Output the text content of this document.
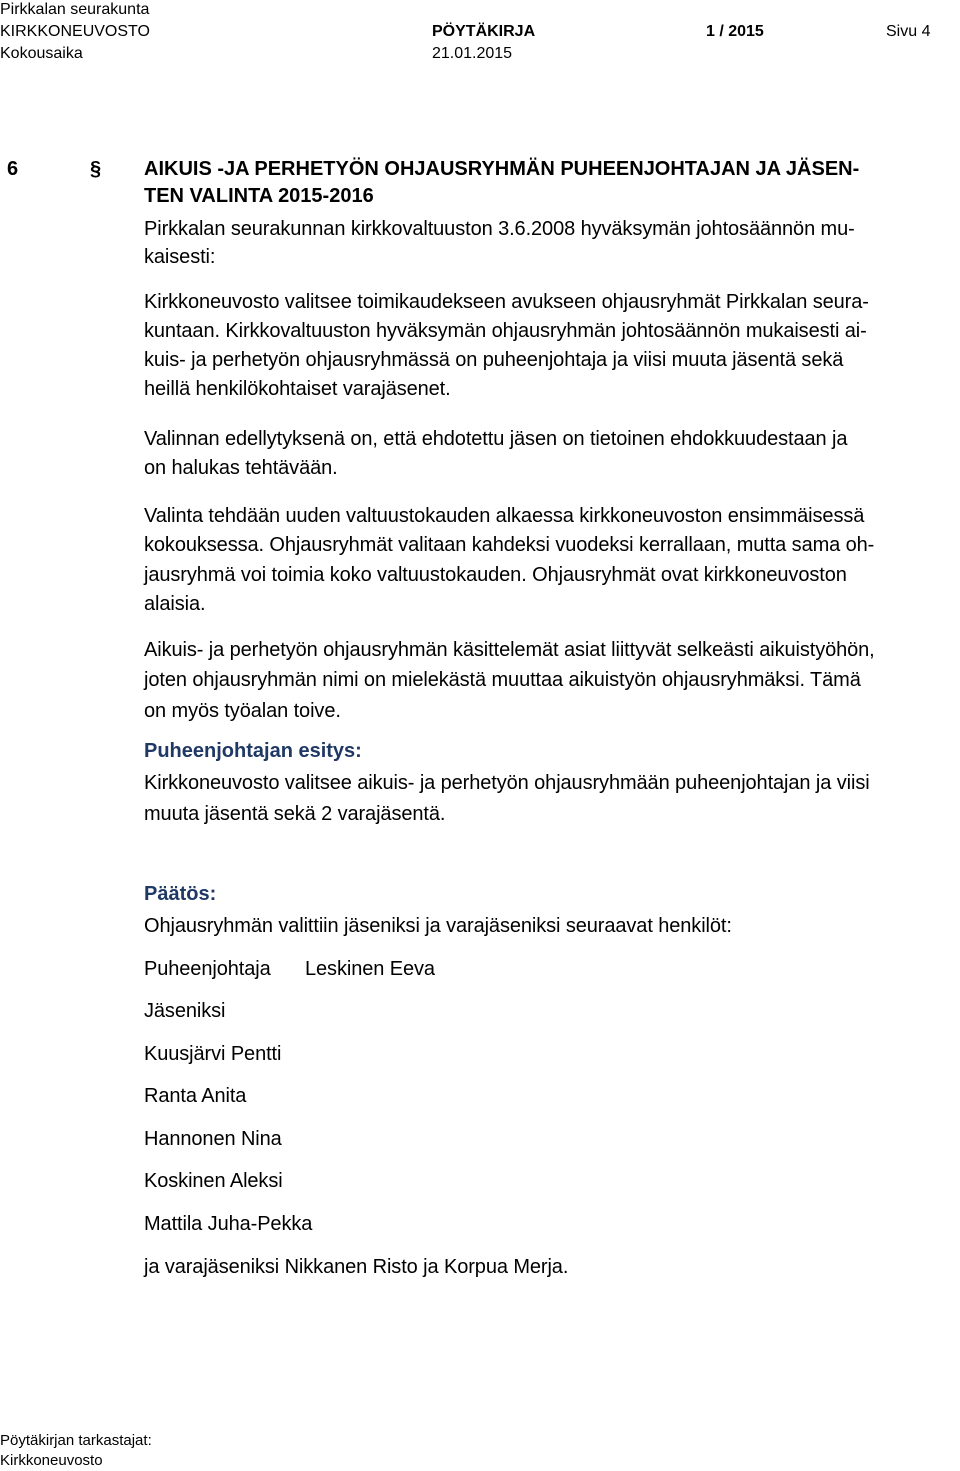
Pirkkalan seurakunta
KIRKKONEUVOSTO	PÖYTÄKIRJA	1 / 2015	Sivu 4
Kokousaika	21.01.2015
6	§ AIKUIS -JA PERHETYÖN OHJAUSRYHMÄN PUHEENJOHTAJAN JA JÄSEN-
TEN VALINTA 2015-2016
Pirkkalan seurakunnan kirkkovaltuuston 3.6.2008 hyväksymän johtosäännön mu-
kaisesti:
Kirkkoneuvosto valitsee toimikaudekseen avukseen ohjausryhmät Pirkkalan seura-
kuntaan. Kirkkovaltuuston hyväksymän ohjausryhmän johtosäännön mukaisesti ai-
kuis- ja perhetyön ohjausryhmässä on puheenjohtaja ja viisi muuta jäsentä sekä
heillä henkilökohtaiset varajäsenet.
Valinnan edellytyksenä on, että ehdotettu jäsen on tietoinen ehdokkuudestaan ja
on halukas tehtävään.
Valinta tehdään uuden valtuustokauden alkaessa kirkkoneuvoston ensimmäisessä
kokouksessa. Ohjausryhmät valitaan kahdeksi vuodeksi kerrallaan, mutta sama oh-
jausryhmä voi toimia koko valtuustokauden. Ohjausryhmät ovat kirkkoneuvoston
alaisia.
Aikuis- ja perhetyön ohjausryhmän käsittelemät asiat liittyvät selkeästi aikuistyöhön,
joten ohjausryhmän nimi on mielekästä muuttaa aikuistyön ohjausryhmäksi. Tämä
on myös työalan toive.
Puheenjohtajan esitys:
Kirkkoneuvosto valitsee aikuis- ja perhetyön ohjausryhmään puheenjohtajan ja viisi
muuta jäsentä sekä 2 varajäsentä.
Päätös:
Ohjausryhmän valittiin jäseniksi ja varajäseniksi seuraavat henkilöt:
Puheenjohtaja Leskinen Eeva
Jäseniksi
Kuusjärvi Pentti
Ranta Anita
Hannonen Nina
Koskinen Aleksi
Mattila Juha-Pekka
ja varajäseniksi Nikkanen Risto ja Korpua Merja.
Pöytäkirjan tarkastajat:
Kirkkoneuvosto
